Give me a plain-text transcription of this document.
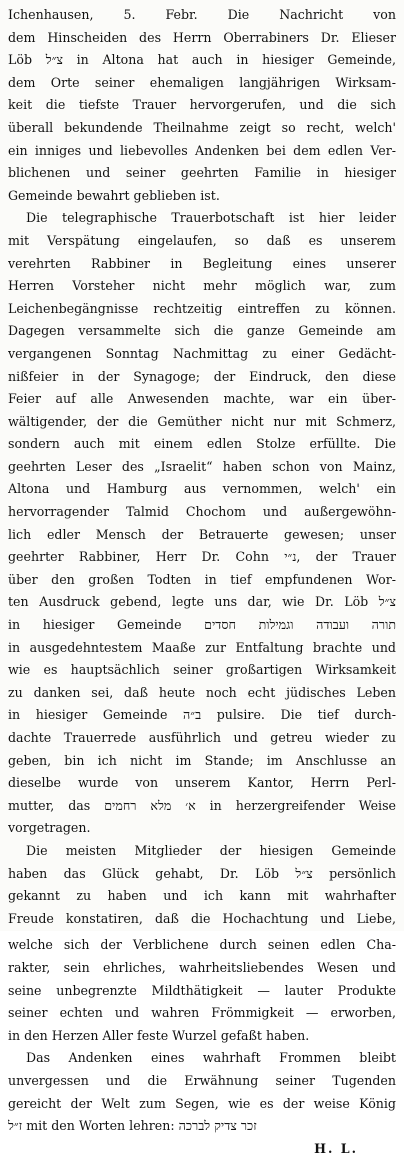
Ichenhausen, 5. Febr. Die Nachricht von
dem Hinscheiden des Herrn Oberrabiners Dr. Elieser
Löb צ״ל in Altona hat auch in hiesiger Gemeinde,
dem Orte seiner ehemaligen langjährigen Wirksam-
keit die tiefste Trauer hervorgerufen, und die sich
überall bekundende Theilnahme zeigt so recht, welch'
ein inniges und liebevolles Andenken bei dem edlen Ver-
blichenen und seiner geehrten Familie in hiesiger
Gemeinde bewahrt geblieben ist.
Die telegraphische Trauerbotschaft ist hier leider
mit Verspätung eingelaufen, so daß es unserem
verehrten Rabbiner in Begleitung eines unserer
Herren Vorsteher nicht mehr möglich war, zum
Leichenbegängnisse rechtzeitig eintreffen zu können.
Dagegen versammelte sich die ganze Gemeinde am
vergangenen Sonntag Nachmittag zu einer Gedächt-
nißfeier in der Synagoge; der Eindruck, den diese
Feier auf alle Anwesenden machte, war ein über-
wältigender, der die Gemüther nicht nur mit Schmerz,
sondern auch mit einem edlen Stolze erfüllte. Die
geehrten Leser des „Israelit“ haben schon von Mainz,
Altona und Hamburg aus vernommen, welch' ein
hervorragender Talmid Chochom und außergewöhn-
lich edler Mensch der Betrauerte gewesen; unser
geehrter Rabbiner, Herr Dr. Cohn נ״י, der Trauer
über den großen Todten in tief empfundenen Wor-
ten Ausdruck gebend, legte uns dar, wie Dr. Löb צ״ל
in hiesiger Gemeinde תורה ועבודה וגמילות חסדים
in ausgedehntestem Maaße zur Entfaltung brachte und
wie es hauptsächlich seiner großartigen Wirksamkeit
zu danken sei, daß heute noch echt jüdisches Leben
in hiesiger Gemeinde ב״ה pulsire. Die tief durch-
dachte Trauerrede ausführlich und getreu wieder zu
geben, bin ich nicht im Stande; im Anschlusse an
dieselbe wurde von unserem Kantor, Herrn Perl-
mutter, das א׳ מלא רחמים in herzergreifender Weise
vorgetragen.
Die meisten Mitglieder der hiesigen Gemeinde
haben das Glück gehabt, Dr. Löb צ״ל persönlich
gekannt zu haben und ich kann mit wahrhafter
Freude konstatiren, daß die Hochachtung und Liebe,
welche sich der Verblichene durch seinen edlen Cha-
rakter, sein ehrliches, wahrheitsliebendes Wesen und
seine unbegrenzte Mildthätigkeit — lauter Produkte
seiner echten und wahren Frömmigkeit — erworben,
in den Herzen Aller feste Wurzel gefaßt haben.
Das Andenken eines wahrhaft Frommen bleibt
unvergessen und die Erwähnung seiner Tugenden
gereicht der Welt zum Segen, wie es der weise König
ז״ל mit den Worten lehren: זכר צדיק לברכה
H. L.
